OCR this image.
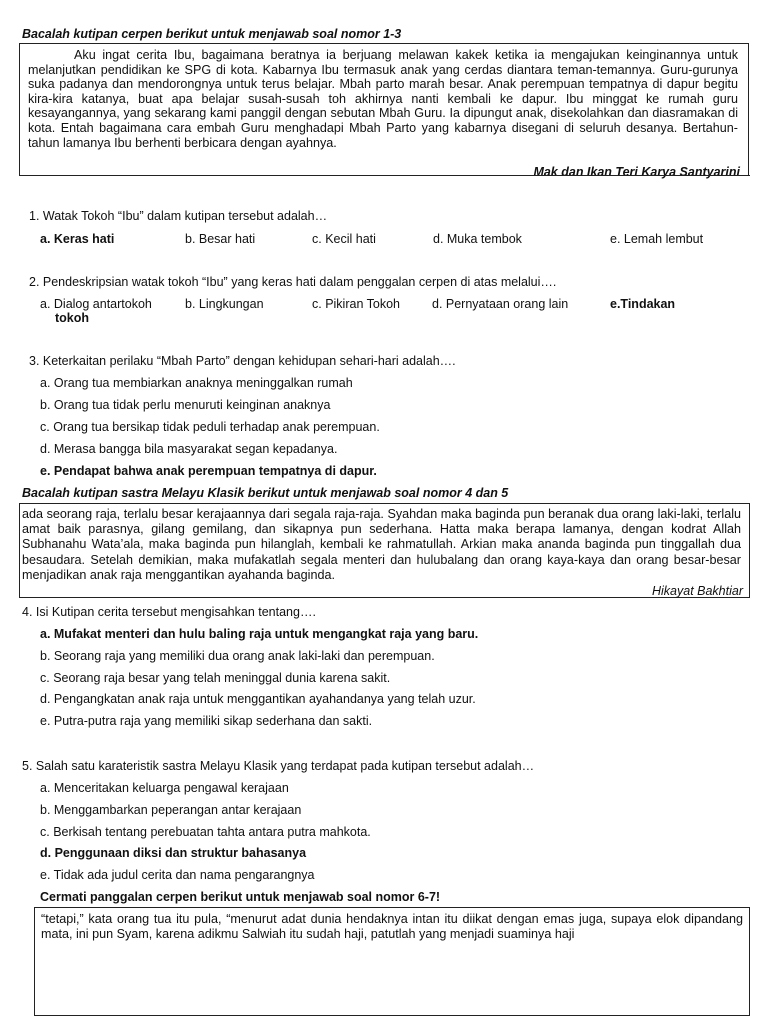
Bacalah kutipan cerpen berikut untuk menjawab soal nomor 1-3

Aku ingat cerita Ibu, bagaimana beratnya ia berjuang melawan kakek ketika ia mengajukan keinginannya untuk melanjutkan pendidikan ke SPG di kota. Kabarnya Ibu termasuk anak yang cerdas diantara teman-temannya. Guru-gurunya suka padanya dan mendorongnya untuk terus belajar. Mbah parto marah besar. Anak perempuan tempatnya di dapur begitu kira-kira katanya, buat apa belajar susah-susah toh akhirnya nanti kembali ke dapur. Ibu minggat ke rumah guru kesayangannya, yang sekarang kami panggil dengan sebutan Mbah Guru. Ia dipungut anak, disekolahkan dan diasramakan di kota. Entah bagaimana cara embah Guru menghadapi Mbah Parto yang kabarnya disegani di seluruh desanya. Bertahun-tahun lamanya Ibu berhenti berbicara dengan ayahnya.

Mak dan Ikan Teri Karya Santyarini
1. Watak Tokoh “Ibu” dalam kutipan tersebut adalah…
a. Keras hati	b. Besar hati	c. Kecil hati	d. Muka tembok	e. Lemah lembut
2. Pendeskripsian watak tokoh “Ibu” yang keras hati dalam penggalan cerpen di atas melalui….
a. Dialog antartokoh	b. Lingkungan	c. Pikiran Tokoh	d. Pernyataan orang lain	e.Tindakan
tokoh
3. Keterkaitan perilaku “Mbah Parto” dengan kehidupan sehari-hari adalah….
a. Orang tua membiarkan anaknya meninggalkan rumah
b. Orang tua tidak perlu menuruti keinginan anaknya
c. Orang tua bersikap tidak peduli terhadap anak perempuan.
d. Merasa bangga bila masyarakat segan kepadanya.
e. Pendapat bahwa anak perempuan tempatnya di dapur.
Bacalah kutipan sastra Melayu Klasik berikut untuk menjawab soal nomor 4 dan 5

ada seorang raja, terlalu besar kerajaannya dari segala raja-raja. Syahdan maka baginda pun beranak dua orang laki-laki, terlalu amat baik parasnya, gilang gemilang, dan sikapnya pun sederhana. Hatta maka berapa lamanya, dengan kodrat Allah Subhanahu Wata’ala, maka baginda pun hilanglah, kembali ke rahmatullah. Arkian maka ananda baginda pun tinggallah dua besaudara. Setelah demikian, maka mufakatlah segala menteri dan hulubalang dan orang kaya-kaya dan orang besar-besar menjadikan anak raja menggantikan ayahanda baginda.

Hikayat Bakhtiar
4. Isi Kutipan cerita tersebut mengisahkan tentang….
a. Mufakat menteri dan hulu baling raja untuk mengangkat raja yang baru.
b. Seorang raja yang memiliki dua orang anak laki-laki dan perempuan.
c. Seorang raja besar yang telah meninggal dunia karena sakit.
d. Pengangkatan anak raja untuk menggantikan ayahandanya yang telah uzur.
e. Putra-putra raja yang memiliki sikap sederhana dan sakti.
5. Salah satu karateristik sastra Melayu Klasik yang terdapat pada kutipan tersebut adalah…
a. Menceritakan keluarga pengawal kerajaan
b. Menggambarkan peperangan antar kerajaan
c. Berkisah tentang perebuatan tahta antara putra mahkota.
d. Penggunaan diksi dan struktur bahasanya
e. Tidak ada judul cerita dan nama pengarangnya
Cermati panggalan cerpen berikut untuk menjawab soal nomor 6-7!

“tetapi,” kata orang tua itu pula, “menurut adat dunia hendaknya intan itu diikat dengan emas juga, supaya elok dipandang mata, ini pun Syam, karena adikmu Salwiah itu sudah haji, patutlah yang menjadi suaminya haji
